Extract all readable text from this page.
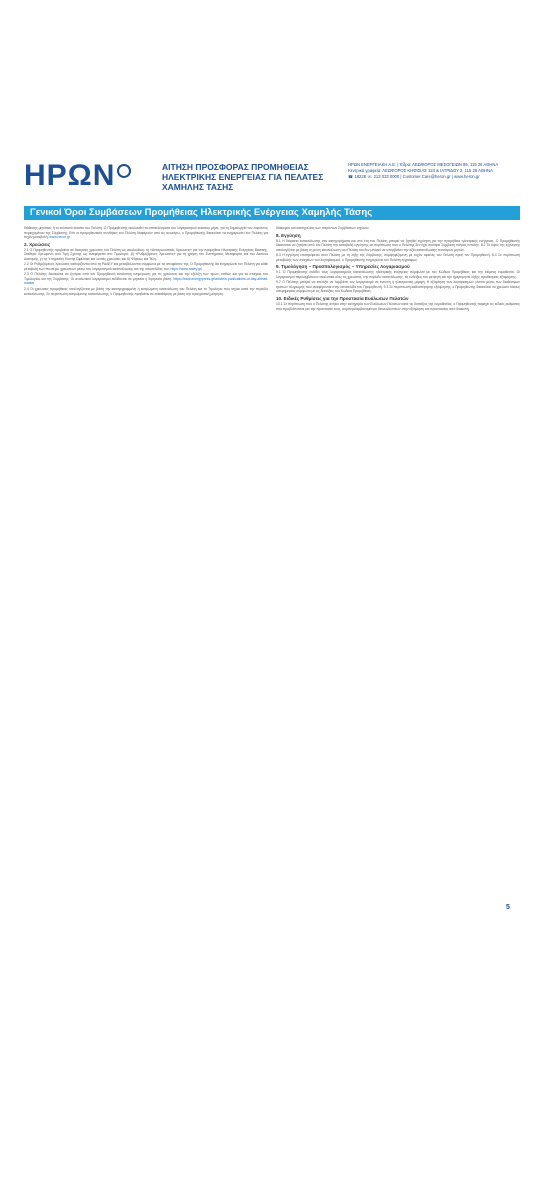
ΗΡΩΝ	ΑΙΤΗΣΗ ΠΡΟΣΦΟΡΑΣ ΠΡΟΜΗΘΕΙΑΣ ΗΛΕΚΤΡΙΚΗΣ ΕΝΕΡΓΕΙΑΣ ΓΙΑ ΠΕΛΑΤΕΣ ΧΑΜΗΛΗΣ ΤΑΣΗΣ
ΗΡΩΝ ΕΝΕΡΓΕΙΑΚΗ Α.Ε. | Έδρα: ΛΕΩΦΟΡΟΣ ΜΕΣΟΓΕΙΩΝ 85, 115 26 ΑΘΗΝΑ
Κεντρικά γραφεία: ΛΕΩΦΟΡΟΣ ΚΗΦΙΣΙΑΣ 124 & ΙΑΤΡΙΔΟΥ 2, 115 26 ΑΘΗΝΑ
☎ 18228 ☏ 213 033 0000 | Customer.Care@heron.gr | www.heron.gr
Γενικοί Όροι Συμβάσεων Προμήθειας Ηλεκτρικής Ενέργειας Χαμηλής Τάσης

διάθεσης μηνίσκες ή το ισόποσό έκαστο του Πελάτη. Ο Προμηθευτής ακολουθεί τα αποτελέσματα του λογαριασμού εκάστου μήνα, για τη δημιουργία του παρόντος περιεχομένου της Σύμβασης. Εάν οι προμηθευτικές συνθήκες του Πελάτη διαφέρουν από τις ανωτέρω, ο Προμηθευτής δικαιούται να ενημερώσει τον Πελάτη για τυχόν μεταβολή. www.heron.gr

2. Χρεώσεις

2.1 Ο Προμηθευτής προβαίνει σε διακριτές χρεώσεις του Πελάτη ως ακολούθως: α) «Ανταγωνιστικές Χρεώσεις» για την προμήθεια Ηλεκτρικής Ενέργειας Βασικής, Σταθερό Χρεωμένο ανά Τιμή Σχέσης ως αναφέρεται στο Τιμολόγιο, β) «Ρυθμιζόμενες Χρεώσεις» για τη χρήση του Συστήματος Μεταφοράς και του Δικτύου Διανομής, γ) τις Υπηρεσίες Κοινής Ωφέλειας και λοιπές χρεώσεις και δ) Φόρους και Τέλη.

2.2 Οι Ρυθμιζόμενες Χρεώσεις καθορίζονται από τη ΡΑΑΕΥ και μεταβάλλονται σύμφωνα με τις αποφάσεις της. Ο Προμηθευτής θα ενημερώνει τον Πελάτη για κάθε μεταβολή των ανωτέρω χρεώσεων μέσω του λογαριασμού κατανάλωσης και της ιστοσελίδας του. https://www.raaey.gr/

2.3 Ο Πελάτης δικαιούται να ζητήσει από τον Προμηθευτή αναλυτική ενημέρωση για τις χρεώσεις και την εξέλιξη των τιμών, καθώς και για τα στοιχεία του Τιμολογίου και της Σύμβασης. Οι αναλυτικοί λογαριασμοί εκδίδονται σε μηνιαία ή διμηνιαία βάση. https://www.energypress.gr/article/s-publications-of-day-ahead-market

2.4 Οι χρεώσεις προμήθειας υπολογίζονται με βάση την καταγεγραμμένη ή εκτιμώμενη κατανάλωση του Πελάτη και το Τιμολόγιο που ισχύει κατά την περίοδο κατανάλωσης. Σε περίπτωση εκτιμώμενης κατανάλωσης, ο Προμηθευτής προβαίνει σε εκκαθάριση με βάση την πραγματική μέτρηση.

διάκοψαν και καταγγελίας των παρόντων Συμβάσεων ισχύουν.

8. Εγγύηση

8.1 Η διάρκεια κατανάλωσης στα κατηγορήματα και στα έτη του Πελάτη μπορεί να ζητηθεί εγγύηση για την προμήθεια ηλεκτρικής ενέργειας. Ο Προμηθευτής δικαιούται να ζητήσει από τον Πελάτη την καταβολή εγγύησης σε περίπτωση που ο Πελάτης δεν έχει συνάψει Σύμβαση πάγιας εντολής. 8.2 Το ύψος της εγγύησης υπολογίζεται με βάση τη μέση κατανάλωση του Πελάτη και δεν μπορεί να υπερβαίνει την αξία κατανάλωσης τεσσάρων μηνών.

8.3 Η εγγύηση επιστρέφεται στον Πελάτη με τη λήξη της Σύμβασης, συμψηφιζόμενη με τυχόν οφειλές του Πελάτη προς τον Προμηθευτή. 8.4 Σε περίπτωση μεταβολής των στοιχείων του λογαριασμού, ο Προμηθευτής ενημερώνει τον Πελάτη εγγράφως.

9. Τιμολόγηση – Προϋπολογισμός – Υπηρεσίες Λογαριασμού

9.1 Ο Προμηθευτής εκδίδει τους λογαριασμούς κατανάλωσης ηλεκτρικής ενέργειας σύμφωνα με τον Κώδικα Προμήθειας και την κείμενη νομοθεσία. Οι λογαριασμοί περιλαμβάνουν αναλυτικά όλες τις χρεώσεις, την περίοδο κατανάλωσης, τις ενδείξεις του μετρητή και την ημερομηνία λήξης προθεσμίας εξόφλησης.

9.2 Ο Πελάτης μπορεί να επιλέξει να λαμβάνει τον λογαριασμό σε έντυπη ή ηλεκτρονική μορφή. Η εξόφληση των λογαριασμών γίνεται μέσω των διαθέσιμων τρόπων πληρωμής που αναφέρονται στην ιστοσελίδα του Προμηθευτή. 9.3 Σε περίπτωση καθυστέρησης εξόφλησης, ο Προμηθευτής δικαιούται να χρεώσει τόκους υπερημερίας σύμφωνα με τις διατάξεις του Κώδικα Προμήθειας.

10. Ειδικές Ρυθμίσεις για την Προστασία Ευάλωτων Πελατών

10.1 Σε περίπτωση που ο Πελάτης ανήκει στην κατηγορία των Ευάλωτων Πελατών κατά τις διατάξεις της νομοθεσίας, ο Προμηθευτής παρέχει τις ειδικές ρυθμίσεις που προβλέπονται για την προστασία τους, συμπεριλαμβανομένων διευκολύνσεων στην εξόφληση και προστασίας από διακοπή.

5
